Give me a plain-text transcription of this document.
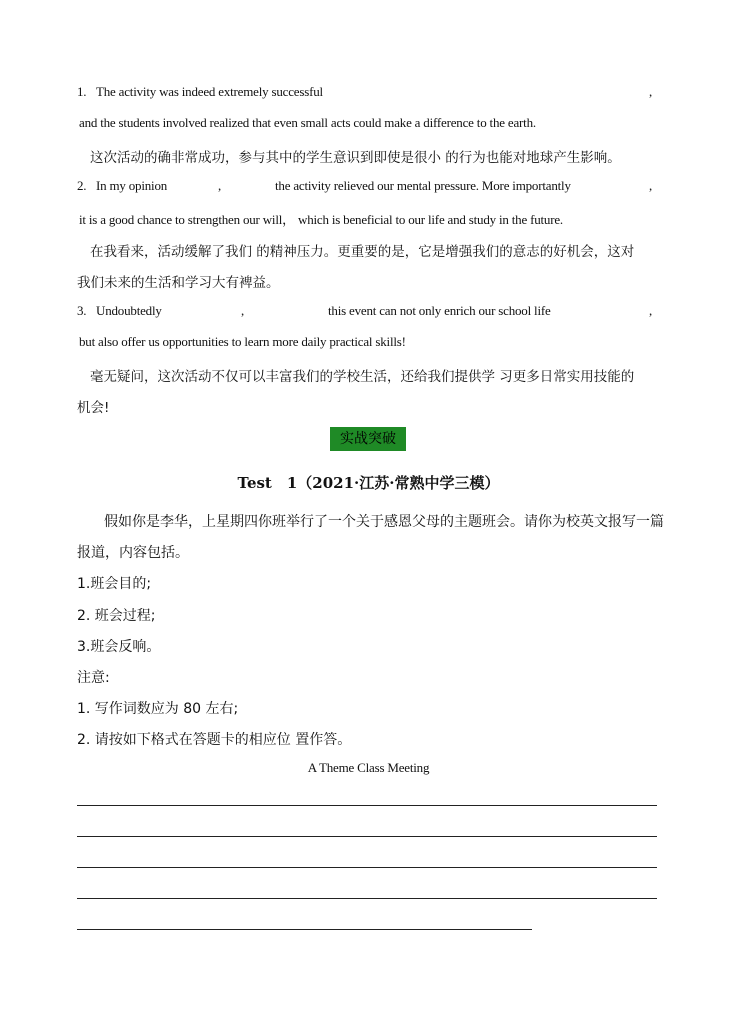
1. The activity was indeed extremely successful	,
and the students involved realized that even small acts could make a difference to the earth.
这次活动的确非常成功，参与其中的学生意识到即使是很小 的行为也能对地球产生影响。
2. In my opinion	,	the activity relieved our mental pressure. More importantly	,
it is a good chance to strengthen our will， which is beneficial to our life and study in the future.
在我看来，活动缓解了我们 的精神压力。更重要的是，它是增强我们的意志的好机会，这对
我们未来的生活和学习大有裨益。
3. Undoubtedly	,	this event can not only enrich our school life	,
but also offer us opportunities to learn more daily practical skills!
毫无疑问，这次活动不仅可以丰富我们的学校生活，还给我们提供学 习更多日常实用技能的
机会!
实战突破
Test　1（2021·江苏·常熟中学三模）
假如你是李华，上星期四你班举行了一个关于感恩父母的主题班会。请你为校英文报写一篇
报道，内容包括。
1.班会目的;
2. 班会过程;
3.班会反响。
注意:
1. 写作词数应为 80 左右;
2. 请按如下格式在答题卡的相应位 置作答。
A Theme Class Meeting
